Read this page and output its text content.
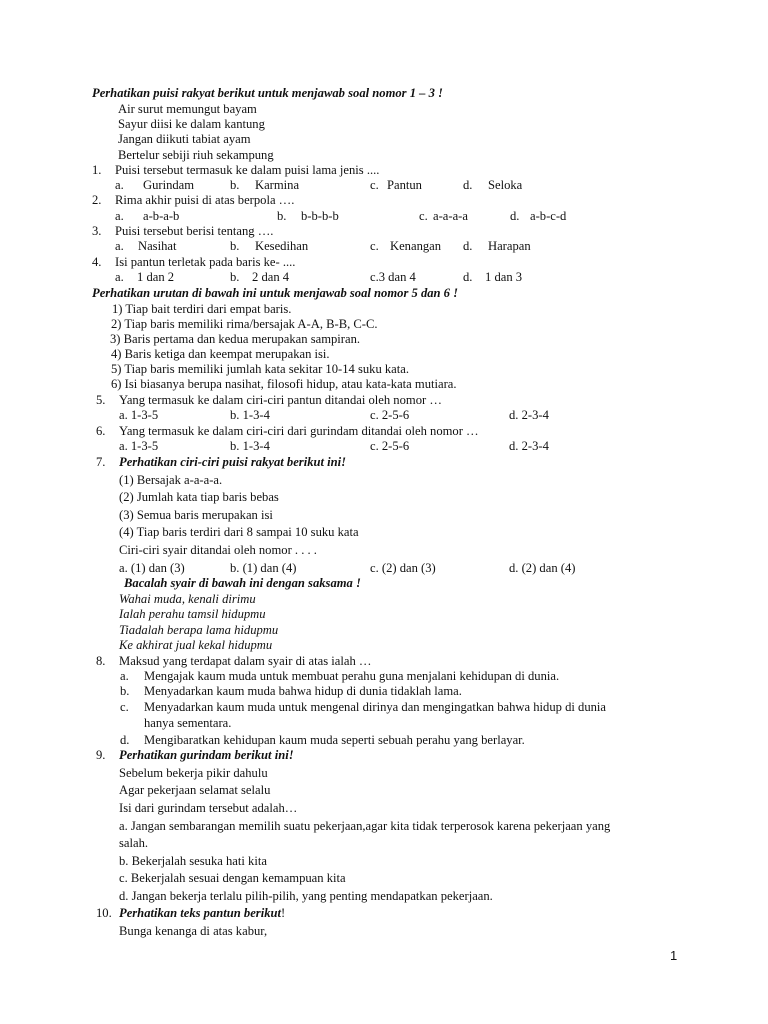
Perhatikan puisi rakyat berikut untuk menjawab soal nomor 1 – 3 !
Air surut memungut bayam
Sayur diisi ke dalam kantung
Jangan diikuti tabiat ayam
Bertelur sebiji riuh sekampung
1. Puisi tersebut termasuk ke dalam puisi lama jenis ....
a. Gurindam	b. Karmina	c. Pantun	d. Seloka
2. Rima akhir puisi di atas berpola ….
a. a-b-a-b	b. b-b-b-b	c. a-a-a-a	d. a-b-c-d
3. Puisi tersebut berisi tentang ….
a. Nasihat	b. Kesedihan	c. Kenangan d. Harapan
4. Isi pantun terletak pada baris ke- ....
a. 1 dan 2	b. 2 dan 4	c.3 dan 4	d. 1 dan 3
Perhatikan urutan di bawah ini untuk menjawab soal nomor 5 dan 6 !
1) Tiap bait terdiri dari empat baris.
2) Tiap baris memiliki rima/bersajak A-A, B-B, C-C.
3) Baris pertama dan kedua merupakan sampiran.
4) Baris ketiga dan keempat merupakan isi.
5) Tiap baris memiliki jumlah kata sekitar 10-14 suku kata.
6) Isi biasanya berupa nasihat, filosofi hidup, atau kata-kata mutiara.
5. Yang termasuk ke dalam ciri-ciri pantun ditandai oleh nomor …
a. 1-3-5	b. 1-3-4	c. 2-5-6	d. 2-3-4
6. Yang termasuk ke dalam ciri-ciri dari gurindam ditandai oleh nomor …
a. 1-3-5	b. 1-3-4	c. 2-5-6	d. 2-3-4
7. Perhatikan ciri-ciri puisi rakyat berikut ini!
(1) Bersajak a-a-a-a.
(2) Jumlah kata tiap baris bebas
(3) Semua baris merupakan isi
(4) Tiap baris terdiri dari 8 sampai 10 suku kata
Ciri-ciri syair ditandai oleh nomor . . . .
a. (1) dan (3)	b. (1) dan (4)	c. (2) dan (3)	d. (2) dan (4)
Bacalah syair di bawah ini dengan saksama !
Wahai muda, kenali dirimu
Ialah perahu tamsil hidupmu
Tiadalah berapa lama hidupmu
Ke akhirat jual kekal hidupmu
8. Maksud yang terdapat dalam syair di atas ialah …
a. Mengajak kaum muda untuk membuat perahu guna menjalani kehidupan di dunia.
b. Menyadarkan kaum muda bahwa hidup di dunia tidaklah lama.
c. Menyadarkan kaum muda untuk mengenal dirinya dan mengingatkan bahwa hidup di dunia
hanya sementara.
d. Mengibaratkan kehidupan kaum muda seperti sebuah perahu yang berlayar.
9. Perhatikan gurindam berikut ini!
Sebelum bekerja pikir dahulu
Agar pekerjaan selamat selalu
Isi dari gurindam tersebut adalah…
a. Jangan sembarangan memilih suatu pekerjaan,agar kita tidak terperosok karena pekerjaan yang
salah.
b. Bekerjalah sesuka hati kita
c. Bekerjalah sesuai dengan kemampuan kita
d. Jangan bekerja terlalu pilih-pilih, yang penting mendapatkan pekerjaan.
10. Perhatikan teks pantun berikut!
Bunga kenanga di atas kabur,
1
